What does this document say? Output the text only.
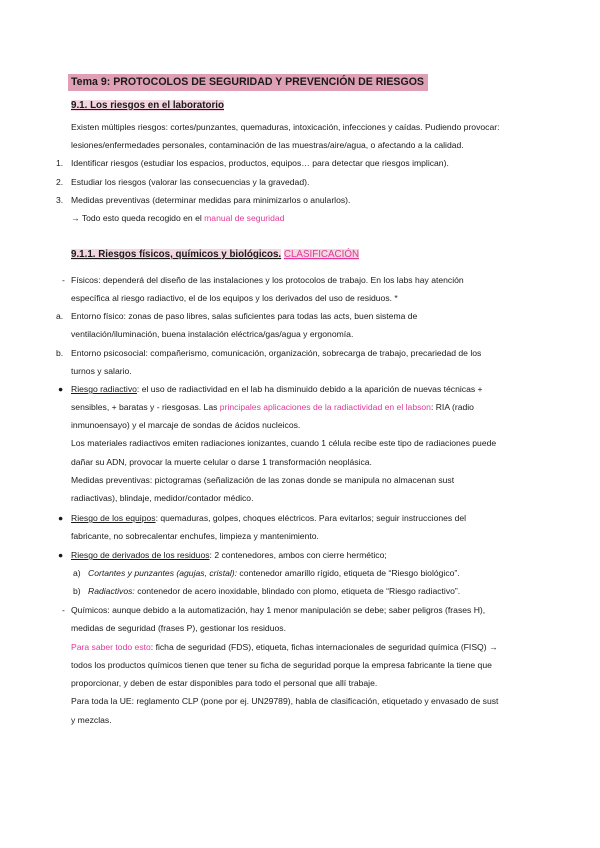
Tema 9: PROTOCOLOS DE SEGURIDAD Y PREVENCIÓN DE RIESGOS
9.1. Los riesgos en el laboratorio
Existen múltiples riesgos: cortes/punzantes, quemaduras, intoxicación, infecciones y caídas. Pudiendo provocar:
lesiones/enfermedades personales, contaminación de las muestras/aire/agua, o afectando a la calidad.
1. Identificar riesgos (estudiar los espacios, productos, equipos… para detectar que riesgos implican).
2. Estudiar los riesgos (valorar las consecuencias y la gravedad).
3. Medidas preventivas (determinar medidas para minimizarlos o anularlos).
→ Todo esto queda recogido en el manual de seguridad
9.1.1. Riesgos físicos, químicos y biológicos. CLASIFICACIÓN
- Físicos: dependerá del diseño de las instalaciones y los protocolos de trabajo. En los labs hay atención
específica al riesgo radiactivo, el de los equipos y los derivados del uso de residuos. *
a. Entorno físico: zonas de paso libres, salas suficientes para todas las acts, buen sistema de
ventilación/iluminación, buena instalación eléctrica/gas/agua y ergonomía.
b. Entorno psicosocial: compañerismo, comunicación, organización, sobrecarga de trabajo, precariedad de los
turnos y salario.
● Riesgo radiactivo: el uso de radiactividad en el lab ha disminuido debido a la aparición de nuevas técnicas +
sensibles, + baratas y - riesgosas. Las principales aplicaciones de la radiactividad en el labson: RIA (radio
inmunoensayo) y el marcaje de sondas de ácidos nucleicos.
Los materiales radiactivos emiten radiaciones ionizantes, cuando 1 célula recibe este tipo de radiaciones puede
dañar su ADN, provocar la muerte celular o darse 1 transformación neoplásica.
Medidas preventivas: pictogramas (señalización de las zonas donde se manipula no almacenan sust
radiactivas), blindaje, medidor/contador médico.
● Riesgo de los equipos: quemaduras, golpes, choques eléctricos. Para evitarlos; seguir instrucciones del
fabricante, no sobrecalentar enchufes, limpieza y mantenimiento.
● Riesgo de derivados de los residuos: 2 contenedores, ambos con cierre hermético;
a) Cortantes y punzantes (agujas, cristal): contenedor amarillo rígido, etiqueta de “Riesgo biológico”.
b) Radiactivos: contenedor de acero inoxidable, blindado con plomo, etiqueta de “Riesgo radiactivo”.
- Químicos: aunque debido a la automatización, hay 1 menor manipulación se debe; saber peligros (frases H),
medidas de seguridad (frases P), gestionar los residuos.
Para saber todo esto: ficha de seguridad (FDS), etiqueta, fichas internacionales de seguridad química (FISQ) →
todos los productos químicos tienen que tener su ficha de seguridad porque la empresa fabricante la tiene que
proporcionar, y deben de estar disponibles para todo el personal que allí trabaje.
Para toda la UE: reglamento CLP (pone por ej. UN29789), habla de clasificación, etiquetado y envasado de sust
y mezclas.
